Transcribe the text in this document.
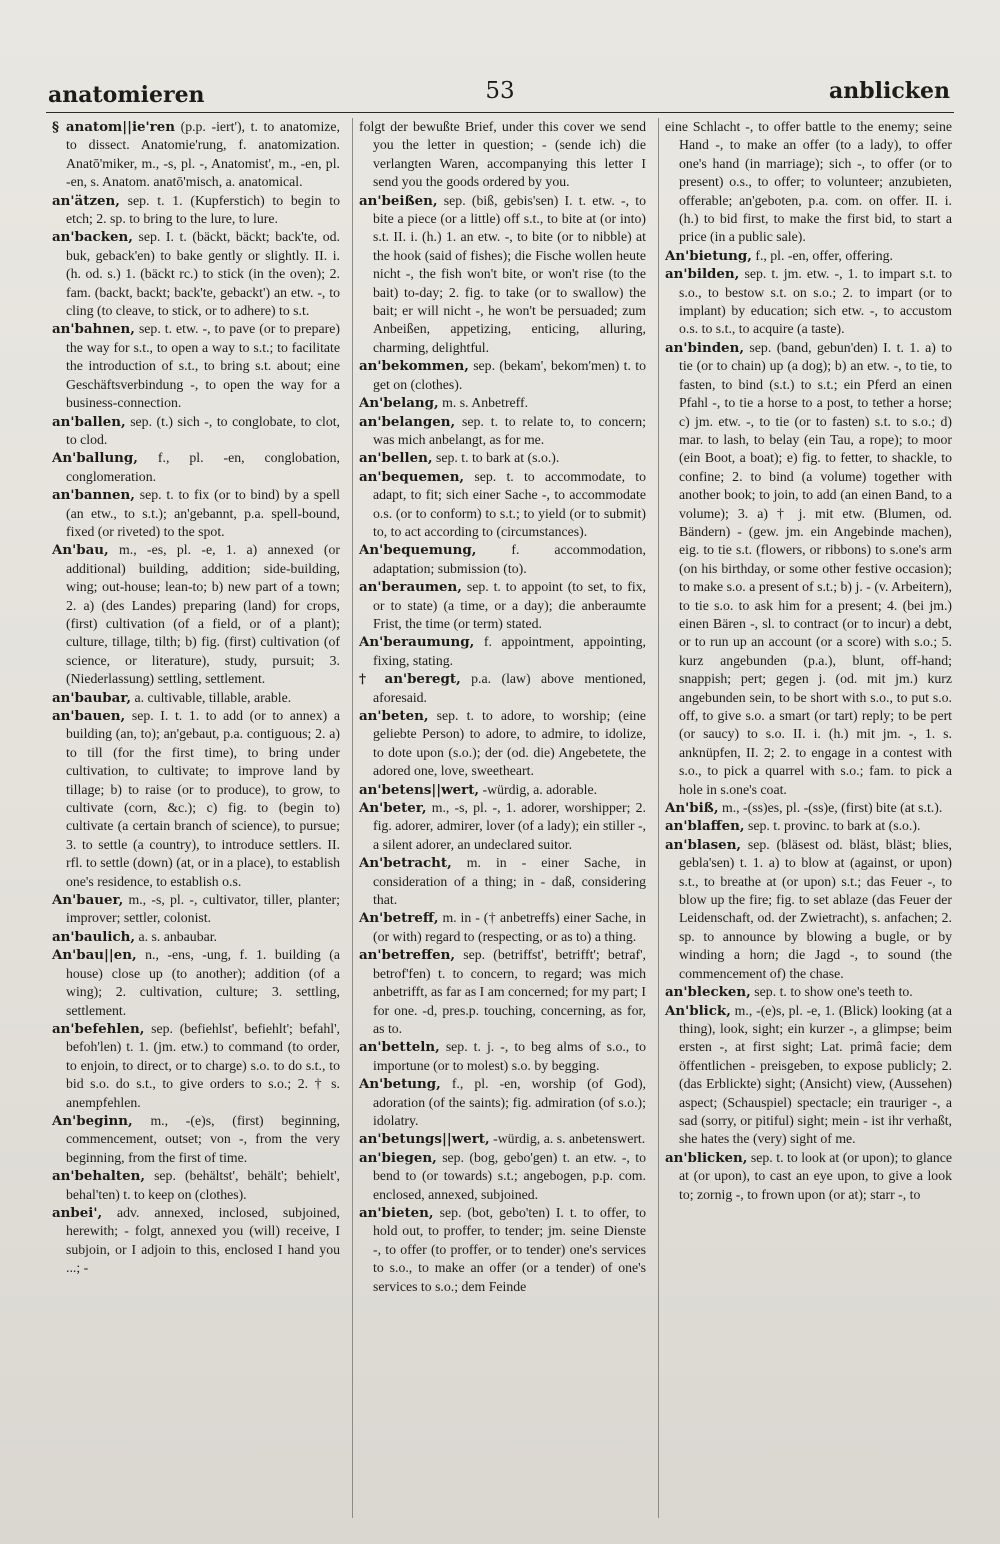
anatomieren	53	anblicken

§ anatom||ie'ren (p.p. -iert'), t. to anatomize, to dissect. Anatomie'rung, f. anatomization. Anatō'miker, m., -s, pl. -, Anatomist', m., -en, pl. -en, s. Anatom. anatō'misch, a. anatomical.

an'ätzen, sep. t. 1. (Kupferstich) to begin to etch; 2. sp. to bring to the lure, to lure.

an'backen, sep. I. t. (bäckt, bäckt; back'te, od. buk, geback'en) to bake gently or slightly. II. i. (h. od. s.) 1. (bäckt rc.) to stick (in the oven); 2. fam. (backt, backt; back'te, gebackt') an etw. -, to cling (to cleave, to stick, or to adhere) to s.t.

an'bahnen, sep. t. etw. -, to pave (or to prepare) the way for s.t., to open a way to s.t.; to facilitate the introduction of s.t., to bring s.t. about; eine Geschäftsverbindung -, to open the way for a business-connection.

an'ballen, sep. (t.) sich -, to conglobate, to clot, to clod.

An'ballung, f., pl. -en, conglobation, conglomeration.

an'bannen, sep. t. to fix (or to bind) by a spell (an etw., to s.t.); an'gebannt, p.a. spell-bound, fixed (or riveted) to the spot.

An'bau, m., -es, pl. -e, 1. a) annexed (or additional) building, addition; side-building, wing; out-house; lean-to; b) new part of a town; 2. a) (des Landes) preparing (land) for crops, (first) cultivation (of a field, or of a plant); culture, tillage, tilth; b) fig. (first) cultivation (of science, or literature), study, pursuit; 3. (Niederlassung) settling, settlement.

an'baubar, a. cultivable, tillable, arable.

an'bauen, sep. I. t. 1. to add (or to annex) a building (an, to); an'gebaut, p.a. contiguous; 2. a) to till (for the first time), to bring under cultivation, to cultivate; to improve land by tillage; b) to raise (or to produce), to grow, to cultivate (corn, &c.); c) fig. to (begin to) cultivate (a certain branch of science), to pursue; 3. to settle (a country), to introduce settlers. II. rfl. to settle (down) (at, or in a place), to establish one's residence, to establish o.s.

An'bauer, m., -s, pl. -, cultivator, tiller, planter; improver; settler, colonist.

an'baulich, a. s. anbaubar.

An'bau||en, n., -ens, -ung, f. 1. building (a house) close up (to another); addition (of a wing); 2. cultivation, culture; 3. settling, settlement.

an'befehlen, sep. (befiehlst', befiehlt'; befahl', befoh'len) t. 1. (jm. etw.) to command (to order, to enjoin, to direct, or to charge) s.o. to do s.t., to bid s.o. do s.t., to give orders to s.o.; 2. † s. anempfehlen.

An'beginn, m., -(e)s, (first) beginning, commencement, outset; von -, from the very beginning, from the first of time.

an'behalten, sep. (behältst', behält'; behielt', behal'ten) t. to keep on (clothes).

anbei', adv. annexed, inclosed, subjoined, herewith; - folgt, annexed you (will) receive, I subjoin, or I adjoin to this, enclosed I hand you ...; -

folgt der bewußte Brief, under this cover we send you the letter in question; - (sende ich) die verlangten Waren, accompanying this letter I send you the goods ordered by you.

an'beißen, sep. (biß, gebis'sen) I. t. etw. -, to bite a piece (or a little) off s.t., to bite at (or into) s.t. II. i. (h.) 1. an etw. -, to bite (or to nibble) at the hook (said of fishes); die Fische wollen heute nicht -, the fish won't bite, or won't rise (to the bait) to-day; 2. fig. to take (or to swallow) the bait; er will nicht -, he won't be persuaded; zum Anbeißen, appetizing, enticing, alluring, charming, delightful.

an'bekommen, sep. (bekam', bekom'men) t. to get on (clothes).

An'belang, m. s. Anbetreff.

an'belangen, sep. t. to relate to, to concern; was mich anbelangt, as for me.

an'bellen, sep. t. to bark at (s.o.).

an'bequemen, sep. t. to accommodate, to adapt, to fit; sich einer Sache -, to accommodate o.s. (or to conform) to s.t.; to yield (or to submit) to, to act according to (circumstances).

An'bequemung,	f. accommodation, adaptation; submission (to).

an'beraumen, sep. t. to appoint (to set, to fix, or to state) (a time, or a day); die anberaumte Frist, the time (or term) stated.

An'beraumung, f. appointment, appointing, fixing, stating.

† an'beregt, p.a. (law) above mentioned, aforesaid.

an'beten, sep. t. to adore, to worship; (eine geliebte Person) to adore, to admire, to idolize, to dote upon (s.o.); der (od. die) Angebetete, the adored one, love, sweetheart.

an'betens||wert, -würdig, a. adorable.

An'beter, m., -s, pl. -, 1. adorer, worshipper; 2. fig. adorer, admirer, lover (of a lady); ein stiller -, a silent adorer, an undeclared suitor.

An'betracht, m. in - einer Sache, in consideration of a thing; in - daß, considering that.

An'betreff, m. in - († anbetreffs) einer Sache, in (or with) regard to (respecting, or as to) a thing.

an'betreffen, sep. (betriffst', betrifft'; betraf', betrof'fen) t. to concern, to regard; was mich anbetrifft, as far as I am concerned; for my part; I for one. -d, pres.p. touching, concerning, as for, as to.

an'betteln, sep. t. j. -, to beg alms of s.o., to importune (or to molest) s.o. by begging.

An'betung, f., pl. -en, worship (of God), adoration (of the saints); fig. admiration (of s.o.); idolatry.

an'betungs||wert, -würdig, a. s. anbetenswert.

an'biegen, sep. (bog, gebo'gen) t. an etw. -, to bend to (or towards) s.t.; angebogen, p.p. com. enclosed, annexed, subjoined.

an'bieten, sep. (bot, gebo'ten) I. t. to offer, to hold out, to proffer, to tender; jm. seine Dienste -, to offer (to proffer, or to tender) one's services to s.o., to make an offer (or a tender) of one's services to s.o.; dem Feinde

eine Schlacht -, to offer battle to the enemy; seine Hand -, to make an offer (to a lady), to offer one's hand (in marriage); sich -, to offer (or to present) o.s., to offer; to volunteer; anzubieten, offerable; an'geboten, p.a. com. on offer. II. i. (h.) to bid first, to make the first bid, to start a price (in a public sale).

An'bietung, f., pl. -en, offer, offering.

an'bilden, sep. t. jm. etw. -, 1. to impart s.t. to s.o., to bestow s.t. on s.o.; 2. to impart (or to implant) by education; sich etw. -, to accustom o.s. to s.t., to acquire (a taste).

an'binden, sep. (band, gebun'den) I. t. 1. a) to tie (or to chain) up (a dog); b) an etw. -, to tie, to fasten, to bind (s.t.) to s.t.; ein Pferd an einen Pfahl -, to tie a horse to a post, to tether a horse; c) jm. etw. -, to tie (or to fasten) s.t. to s.o.; d) mar. to lash, to belay (ein Tau, a rope); to moor (ein Boot, a boat); e) fig. to fetter, to shackle, to confine; 2. to bind (a volume) together with another book; to join, to add (an einen Band, to a volume); 3. a) † j. mit etw. (Blumen, od. Bändern) - (gew. jm. ein Angebinde machen), eig. to tie s.t. (flowers, or ribbons) to s.one's arm (on his birthday, or some other festive occasion); to make s.o. a present of s.t.; b) j. - (v. Arbeitern), to tie s.o. to ask him for a present; 4. (bei jm.) einen Bären -, sl. to contract (or to incur) a debt, or to run up an account (or a score) with s.o.; 5. kurz angebunden (p.a.), blunt, off-hand; snappish; pert; gegen j. (od. mit jm.) kurz angebunden sein, to be short with s.o., to put s.o. off, to give s.o. a smart (or tart) reply; to be pert (or saucy) to s.o. II. i. (h.) mit jm. -, 1. s. anknüpfen, II. 2; 2. to engage in a contest with s.o., to pick a quarrel with s.o.; fam. to pick a hole in s.one's coat.

An'biß, m., -(ss)es, pl. -(ss)e, (first) bite (at s.t.).

an'blaffen, sep. t. provinc. to bark at (s.o.).

an'blasen, sep. (bläsest od. bläst, bläst; blies, gebla'sen) t. 1. a) to blow at (against, or upon) s.t., to breathe at (or upon) s.t.; das Feuer -, to blow up the fire; fig. to set ablaze (das Feuer der Leidenschaft, od. der Zwietracht), s. anfachen; 2. sp. to announce by blowing a bugle, or by winding a horn; die Jagd -, to sound (the commencement of) the chase.

an'blecken, sep. t. to show one's teeth to.

An'blick, m., -(e)s, pl. -e, 1. (Blick) looking (at a thing), look, sight; ein kurzer -, a glimpse; beim ersten -, at first sight; Lat. primâ facie; dem öffentlichen - preisgeben, to expose publicly; 2. (das Erblickte) sight; (Ansicht) view, (Aussehen) aspect; (Schauspiel) spectacle; ein trauriger -, a sad (sorry, or pitiful) sight; mein - ist ihr verhaßt, she hates the (very) sight of me.

an'blicken, sep. t. to look at (or upon); to glance at (or upon), to cast an eye upon, to give a look to; zornig -, to frown upon (or at); starr -, to
